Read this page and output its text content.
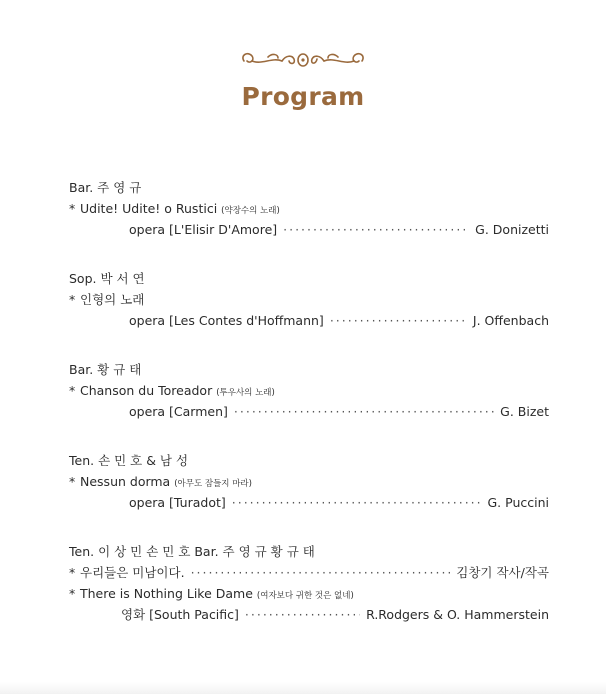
Program
Bar. 주 영 규
* Udite! Udite! o Rustici (약장수의 노래)
opera [L'Elisir D'Amore] ·····	G. Donizetti
Sop. 박 서 연
* 인형의 노래
opera [Les Contes d'Hoffmann] ·····	J. Offenbach
Bar. 황 규 태
* Chanson du Toreador (투우사의 노래)
opera [Carmen] ·····	G. Bizet
Ten. 손 민 호 & 남 성
* Nessun dorma (아무도 잠들지 마라)
opera [Turadot] ·····	G. Puccini
Ten. 이 상 민 손 민 호 Bar. 주 영 규 황 규 태
* 우리들은 미남이다. ·····	김창기 작사/작곡
* There is Nothing Like Dame (여자보다 귀한 것은 없네)
영화 [South Pacific] ·····	R.Rodgers & O. Hammerstein
